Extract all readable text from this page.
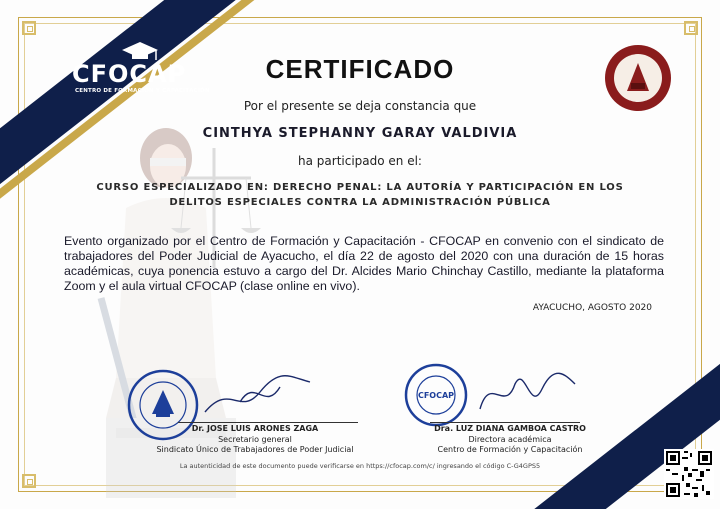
CFOCAP
CENTRO DE FORMACIÓN Y CAPACITACIÓN
CERTIFICADO
Por el presente se deja constancia que
CINTHYA STEPHANNY GARAY VALDIVIA
ha participado en el:
CURSO ESPECIALIZADO EN: DERECHO PENAL: LA AUTORÍA Y PARTICIPACIÓN EN LOS
DELITOS ESPECIALES CONTRA LA ADMINISTRACIÓN PÚBLICA
Evento organizado por el Centro de Formación y Capacitación - CFOCAP en convenio con el sindicato de trabajadores del Poder Judicial de Ayacucho, el día 22 de agosto del 2020 con una duración de 15 horas académicas, cuya ponencia estuvo a cargo del Dr. Alcides Mario Chinchay Castillo, mediante la plataforma Zoom y el aula virtual CFOCAP (clase online en vivo).
AYACUCHO, AGOSTO 2020
Dr. JOSE LUIS ARONES ZAGA
Secretario general
Sindicato Único de Trabajadores de Poder Judicial
CFOCAP
Dra. LUZ DIANA GAMBOA CASTRO
Directora académica
Centro de Formación y Capacitación
La autenticidad de este documento puede verificarse en https://cfocap.com/c/ ingresando el código C-G4GPS5
